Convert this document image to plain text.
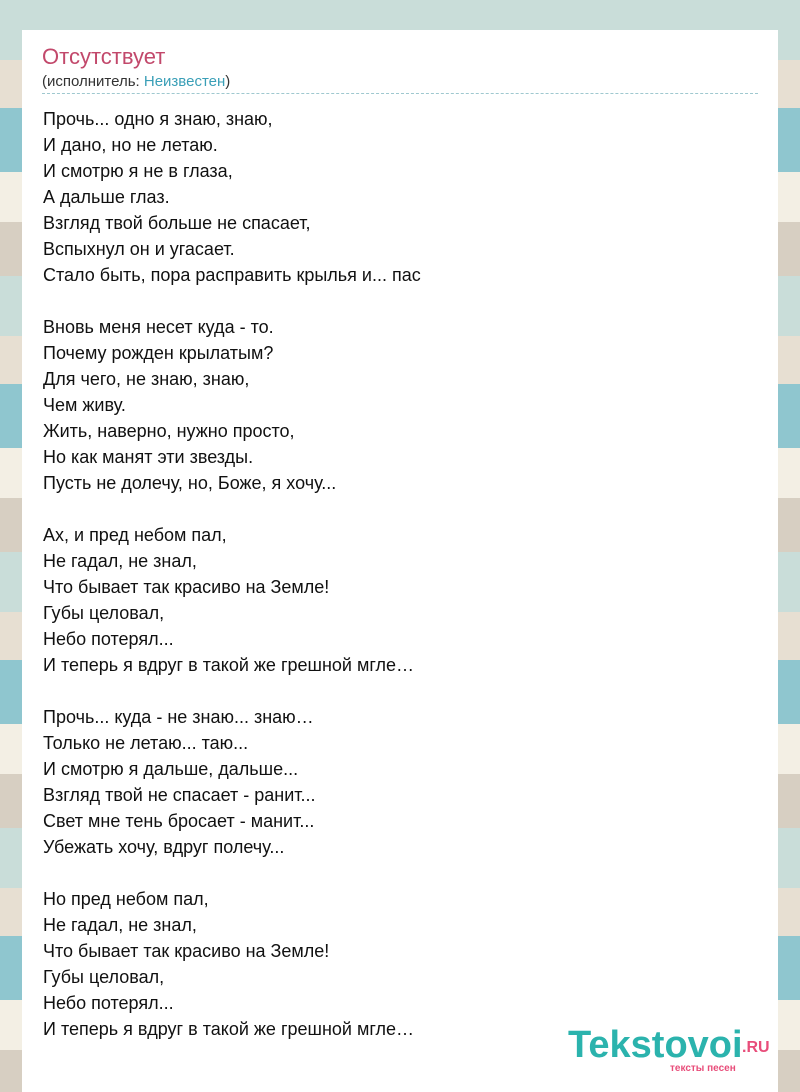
Отсутствует
(исполнитель: Неизвестен)
Прочь... одно я знаю, знаю,
И дано, но не летаю.
И смотрю я не в глаза,
А дальше глаз.
Взгляд твой больше не спасает,
Вспыхнул он и угасает.
Стало быть, пора расправить крылья и... пас
Вновь меня несет куда - то.
Почему рожден крылатым?
Для чего, не знаю, знаю,
Чем живу.
Жить, наверно, нужно просто,
Но как манят эти звезды.
Пусть не долечу, но, Боже, я хочу...
Ах, и пред небом пал,
Не гадал, не знал,
Что бывает так красиво на Земле!
Губы целовал,
Небо потерял...
И теперь я вдруг в такой же грешной мгле…
Прочь... куда - не знаю... знаю…
Только не летаю... таю...
И смотрю я дальше, дальше...
Взгляд твой не спасает - ранит...
Свет мне тень бросает - манит...
Убежать хочу, вдруг полечу...
Но пред небом пал,
Не гадал, не знал,
Что бывает так красиво на Земле!
Губы целовал,
Небо потерял...
И теперь я вдруг в такой же грешной мгле…	Tekstovoi .RU
тексты песен
